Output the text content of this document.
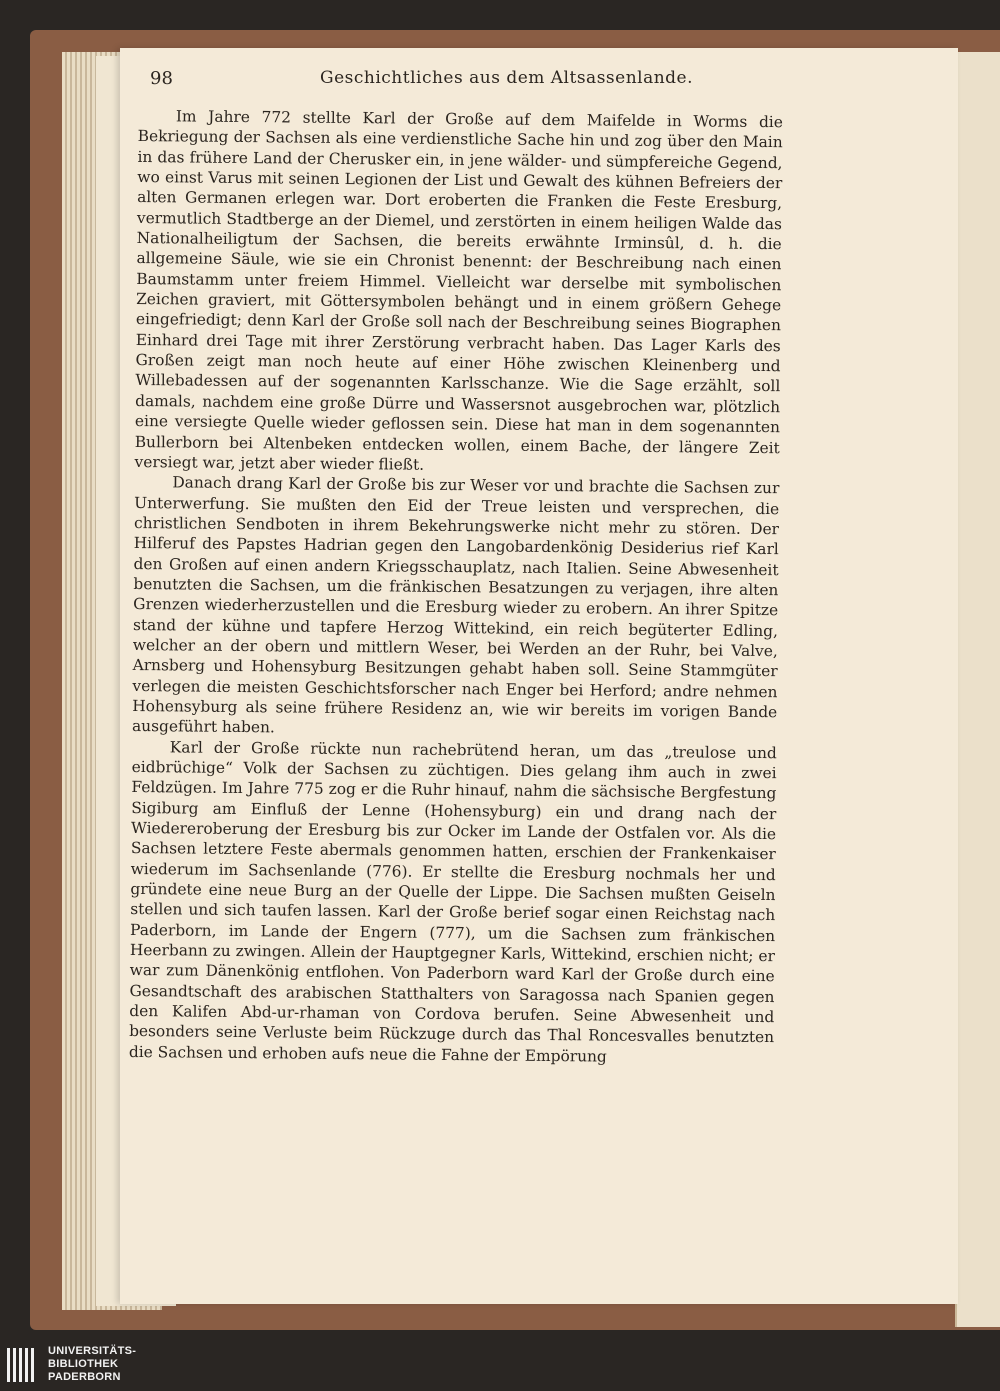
98	Geschichtliches aus dem Altsassenlande.

Im Jahre 772 stellte Karl der Große auf dem Maifelde in Worms die Bekriegung der Sachsen als eine verdienstliche Sache hin und zog über den Main in das frühere Land der Cherusker ein, in jene wälder- und sümpfereiche Gegend, wo einst Varus mit seinen Legionen der List und Gewalt des kühnen Befreiers der alten Germanen erlegen war. Dort eroberten die Franken die Feste Eresburg, vermutlich Stadtberge an der Diemel, und zerstörten in einem heiligen Walde das Nationalheiligtum der Sachsen, die bereits erwähnte Irminsûl, d. h. die allgemeine Säule, wie sie ein Chronist benennt: der Beschreibung nach einen Baumstamm unter freiem Himmel. Vielleicht war derselbe mit symbolischen Zeichen graviert, mit Göttersymbolen behängt und in einem größern Gehege eingefriedigt; denn Karl der Große soll nach der Beschreibung seines Biographen Einhard drei Tage mit ihrer Zerstörung verbracht haben. Das Lager Karls des Großen zeigt man noch heute auf einer Höhe zwischen Kleinenberg und Willebadessen auf der sogenannten Karlsschanze. Wie die Sage erzählt, soll damals, nachdem eine große Dürre und Wassersnot ausgebrochen war, plötzlich eine versiegte Quelle wieder geflossen sein. Diese hat man in dem sogenannten Bullerborn bei Altenbeken entdecken wollen, einem Bache, der längere Zeit versiegt war, jetzt aber wieder fließt.

Danach drang Karl der Große bis zur Weser vor und brachte die Sachsen zur Unterwerfung. Sie mußten den Eid der Treue leisten und versprechen, die christlichen Sendboten in ihrem Bekehrungswerke nicht mehr zu stören. Der Hilferuf des Papstes Hadrian gegen den Langobardenkönig Desiderius rief Karl den Großen auf einen andern Kriegsschauplatz, nach Italien. Seine Abwesenheit benutzten die Sachsen, um die fränkischen Besatzungen zu verjagen, ihre alten Grenzen wiederherzustellen und die Eresburg wieder zu erobern. An ihrer Spitze stand der kühne und tapfere Herzog Wittekind, ein reich begüterter Edling, welcher an der obern und mittlern Weser, bei Werden an der Ruhr, bei Valve, Arnsberg und Hohensyburg Besitzungen gehabt haben soll. Seine Stammgüter verlegen die meisten Geschichtsforscher nach Enger bei Herford; andre nehmen Hohensyburg als seine frühere Residenz an, wie wir bereits im vorigen Bande ausgeführt haben.

Karl der Große rückte nun rachebrütend heran, um das „treulose und eidbrüchige“ Volk der Sachsen zu züchtigen. Dies gelang ihm auch in zwei Feldzügen. Im Jahre 775 zog er die Ruhr hinauf, nahm die sächsische Bergfestung Sigiburg am Einfluß der Lenne (Hohensyburg) ein und drang nach der Wiedereroberung der Eresburg bis zur Ocker im Lande der Ostfalen vor. Als die Sachsen letztere Feste abermals genommen hatten, erschien der Frankenkaiser wiederum im Sachsenlande (776). Er stellte die Eresburg nochmals her und gründete eine neue Burg an der Quelle der Lippe. Die Sachsen mußten Geiseln stellen und sich taufen lassen. Karl der Große berief sogar einen Reichstag nach Paderborn, im Lande der Engern (777), um die Sachsen zum fränkischen Heerbann zu zwingen. Allein der Hauptgegner Karls, Wittekind, erschien nicht; er war zum Dänenkönig entflohen. Von Paderborn ward Karl der Große durch eine Gesandtschaft des arabischen Statthalters von Saragossa nach Spanien gegen den Kalifen Abd-ur-rhaman von Cordova berufen. Seine Abwesenheit und besonders seine Verluste beim Rückzuge durch das Thal Roncesvalles benutzten die Sachsen und erhoben aufs neue die Fahne der Empörung

UNIVERSITÄTS-
BIBLIOTHEK
PADERBORN
